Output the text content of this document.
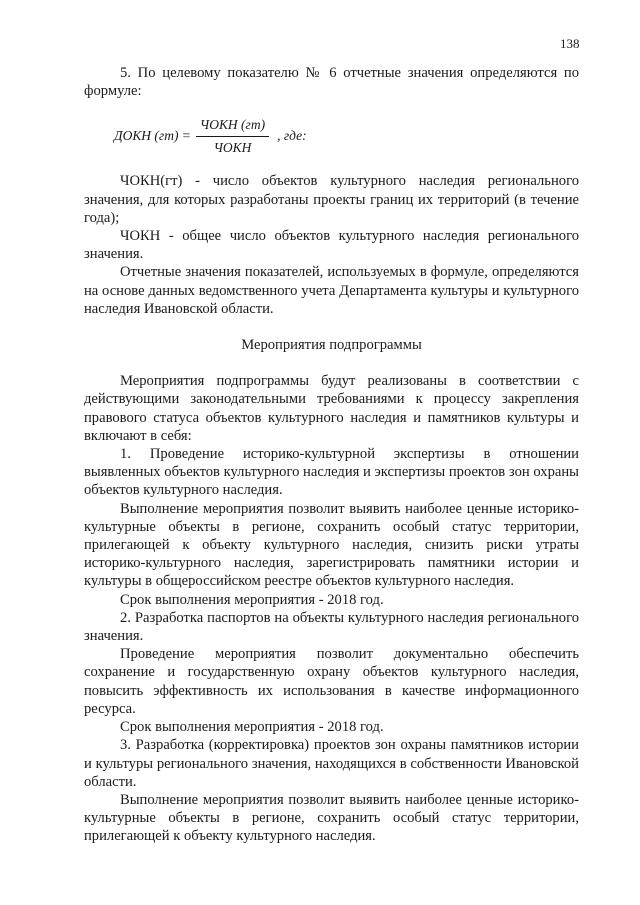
138

5. По целевому показателю № 6 отчетные значения определяются по формуле:

ДОКН $(гт) = \frac{\text{ЧОКН (гт)}}{\text{ЧОКН}}$ , где:

ЧОКН(гт) - число объектов культурного наследия регионального значения, для которых разработаны проекты границ их территорий (в течение года);

ЧОКН - общее число объектов культурного наследия регионального значения.

Отчетные значения показателей, используемых в формуле, определяются на основе данных ведомственного учета Департамента культуры и культурного наследия Ивановской области.

Мероприятия подпрограммы

Мероприятия подпрограммы будут реализованы в соответствии с действующими законодательными требованиями к процессу закрепления правового статуса объектов культурного наследия и памятников культуры и включают в себя:

1. Проведение историко-культурной экспертизы в отношении выявленных объектов культурного наследия и экспертизы проектов зон охраны объектов культурного наследия.

Выполнение мероприятия позволит выявить наиболее ценные историко-культурные объекты в регионе, сохранить особый статус территории, прилегающей к объекту культурного наследия, снизить риски утраты историко-культурного наследия, зарегистрировать памятники истории и культуры в общероссийском реестре объектов культурного наследия.

Срок выполнения мероприятия - 2018 год.

2. Разработка паспортов на объекты культурного наследия регионального значения.

Проведение мероприятия позволит документально обеспечить сохранение и государственную охрану объектов культурного наследия, повысить эффективность их использования в качестве информационного ресурса.

Срок выполнения мероприятия - 2018 год.

3. Разработка (корректировка) проектов зон охраны памятников истории и культуры регионального значения, находящихся в собственности Ивановской области.

Выполнение мероприятия позволит выявить наиболее ценные историко-культурные объекты в регионе, сохранить особый статус территории, прилегающей к объекту культурного наследия.
